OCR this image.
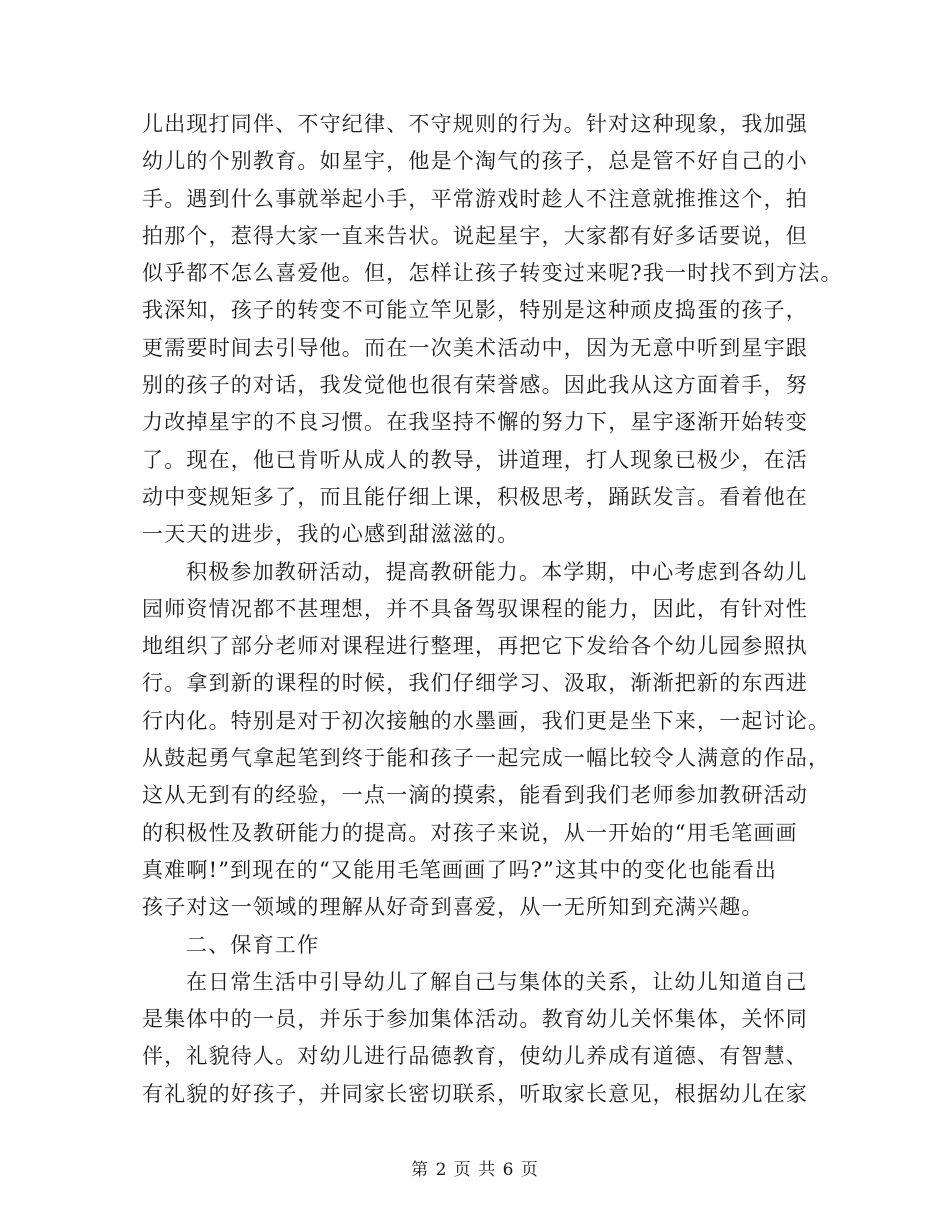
儿出现打同伴、不守纪律、不守规则的行为。针对这种现象，我加强
幼儿的个别教育。如星宇，他是个淘气的孩子，总是管不好自己的小
手。遇到什么事就举起小手，平常游戏时趁人不注意就推推这个，拍
拍那个，惹得大家一直来告状。说起星宇，大家都有好多话要说，但
似乎都不怎么喜爱他。但，怎样让孩子转变过来呢?我一时找不到方法。
我深知，孩子的转变不可能立竿见影，特别是这种顽皮捣蛋的孩子，
更需要时间去引导他。而在一次美术活动中，因为无意中听到星宇跟
别的孩子的对话，我发觉他也很有荣誉感。因此我从这方面着手，努
力改掉星宇的不良习惯。在我坚持不懈的努力下，星宇逐渐开始转变
了。现在，他已肯听从成人的教导，讲道理，打人现象已极少，在活
动中变规矩多了，而且能仔细上课，积极思考，踊跃发言。看着他在
一天天的进步，我的心感到甜滋滋的。
积极参加教研活动，提高教研能力。本学期，中心考虑到各幼儿
园师资情况都不甚理想，并不具备驾驭课程的能力，因此，有针对性
地组织了部分老师对课程进行整理，再把它下发给各个幼儿园参照执
行。拿到新的课程的时候，我们仔细学习、汲取，渐渐把新的东西进
行内化。特别是对于初次接触的水墨画，我们更是坐下来，一起讨论。
从鼓起勇气拿起笔到终于能和孩子一起完成一幅比较令人满意的作品，
这从无到有的经验，一点一滴的摸索，能看到我们老师参加教研活动
的积极性及教研能力的提高。对孩子来说，从一开始的“用毛笔画画
真难啊!”到现在的“又能用毛笔画画了吗?”这其中的变化也能看出
孩子对这一领域的理解从好奇到喜爱，从一无所知到充满兴趣。
二、保育工作
在日常生活中引导幼儿了解自己与集体的关系，让幼儿知道自己
是集体中的一员，并乐于参加集体活动。教育幼儿关怀集体，关怀同
伴，礼貌待人。对幼儿进行品德教育，使幼儿养成有道德、有智慧、
有礼貌的好孩子，并同家长密切联系，听取家长意见，根据幼儿在家
第 2 页 共 6 页
